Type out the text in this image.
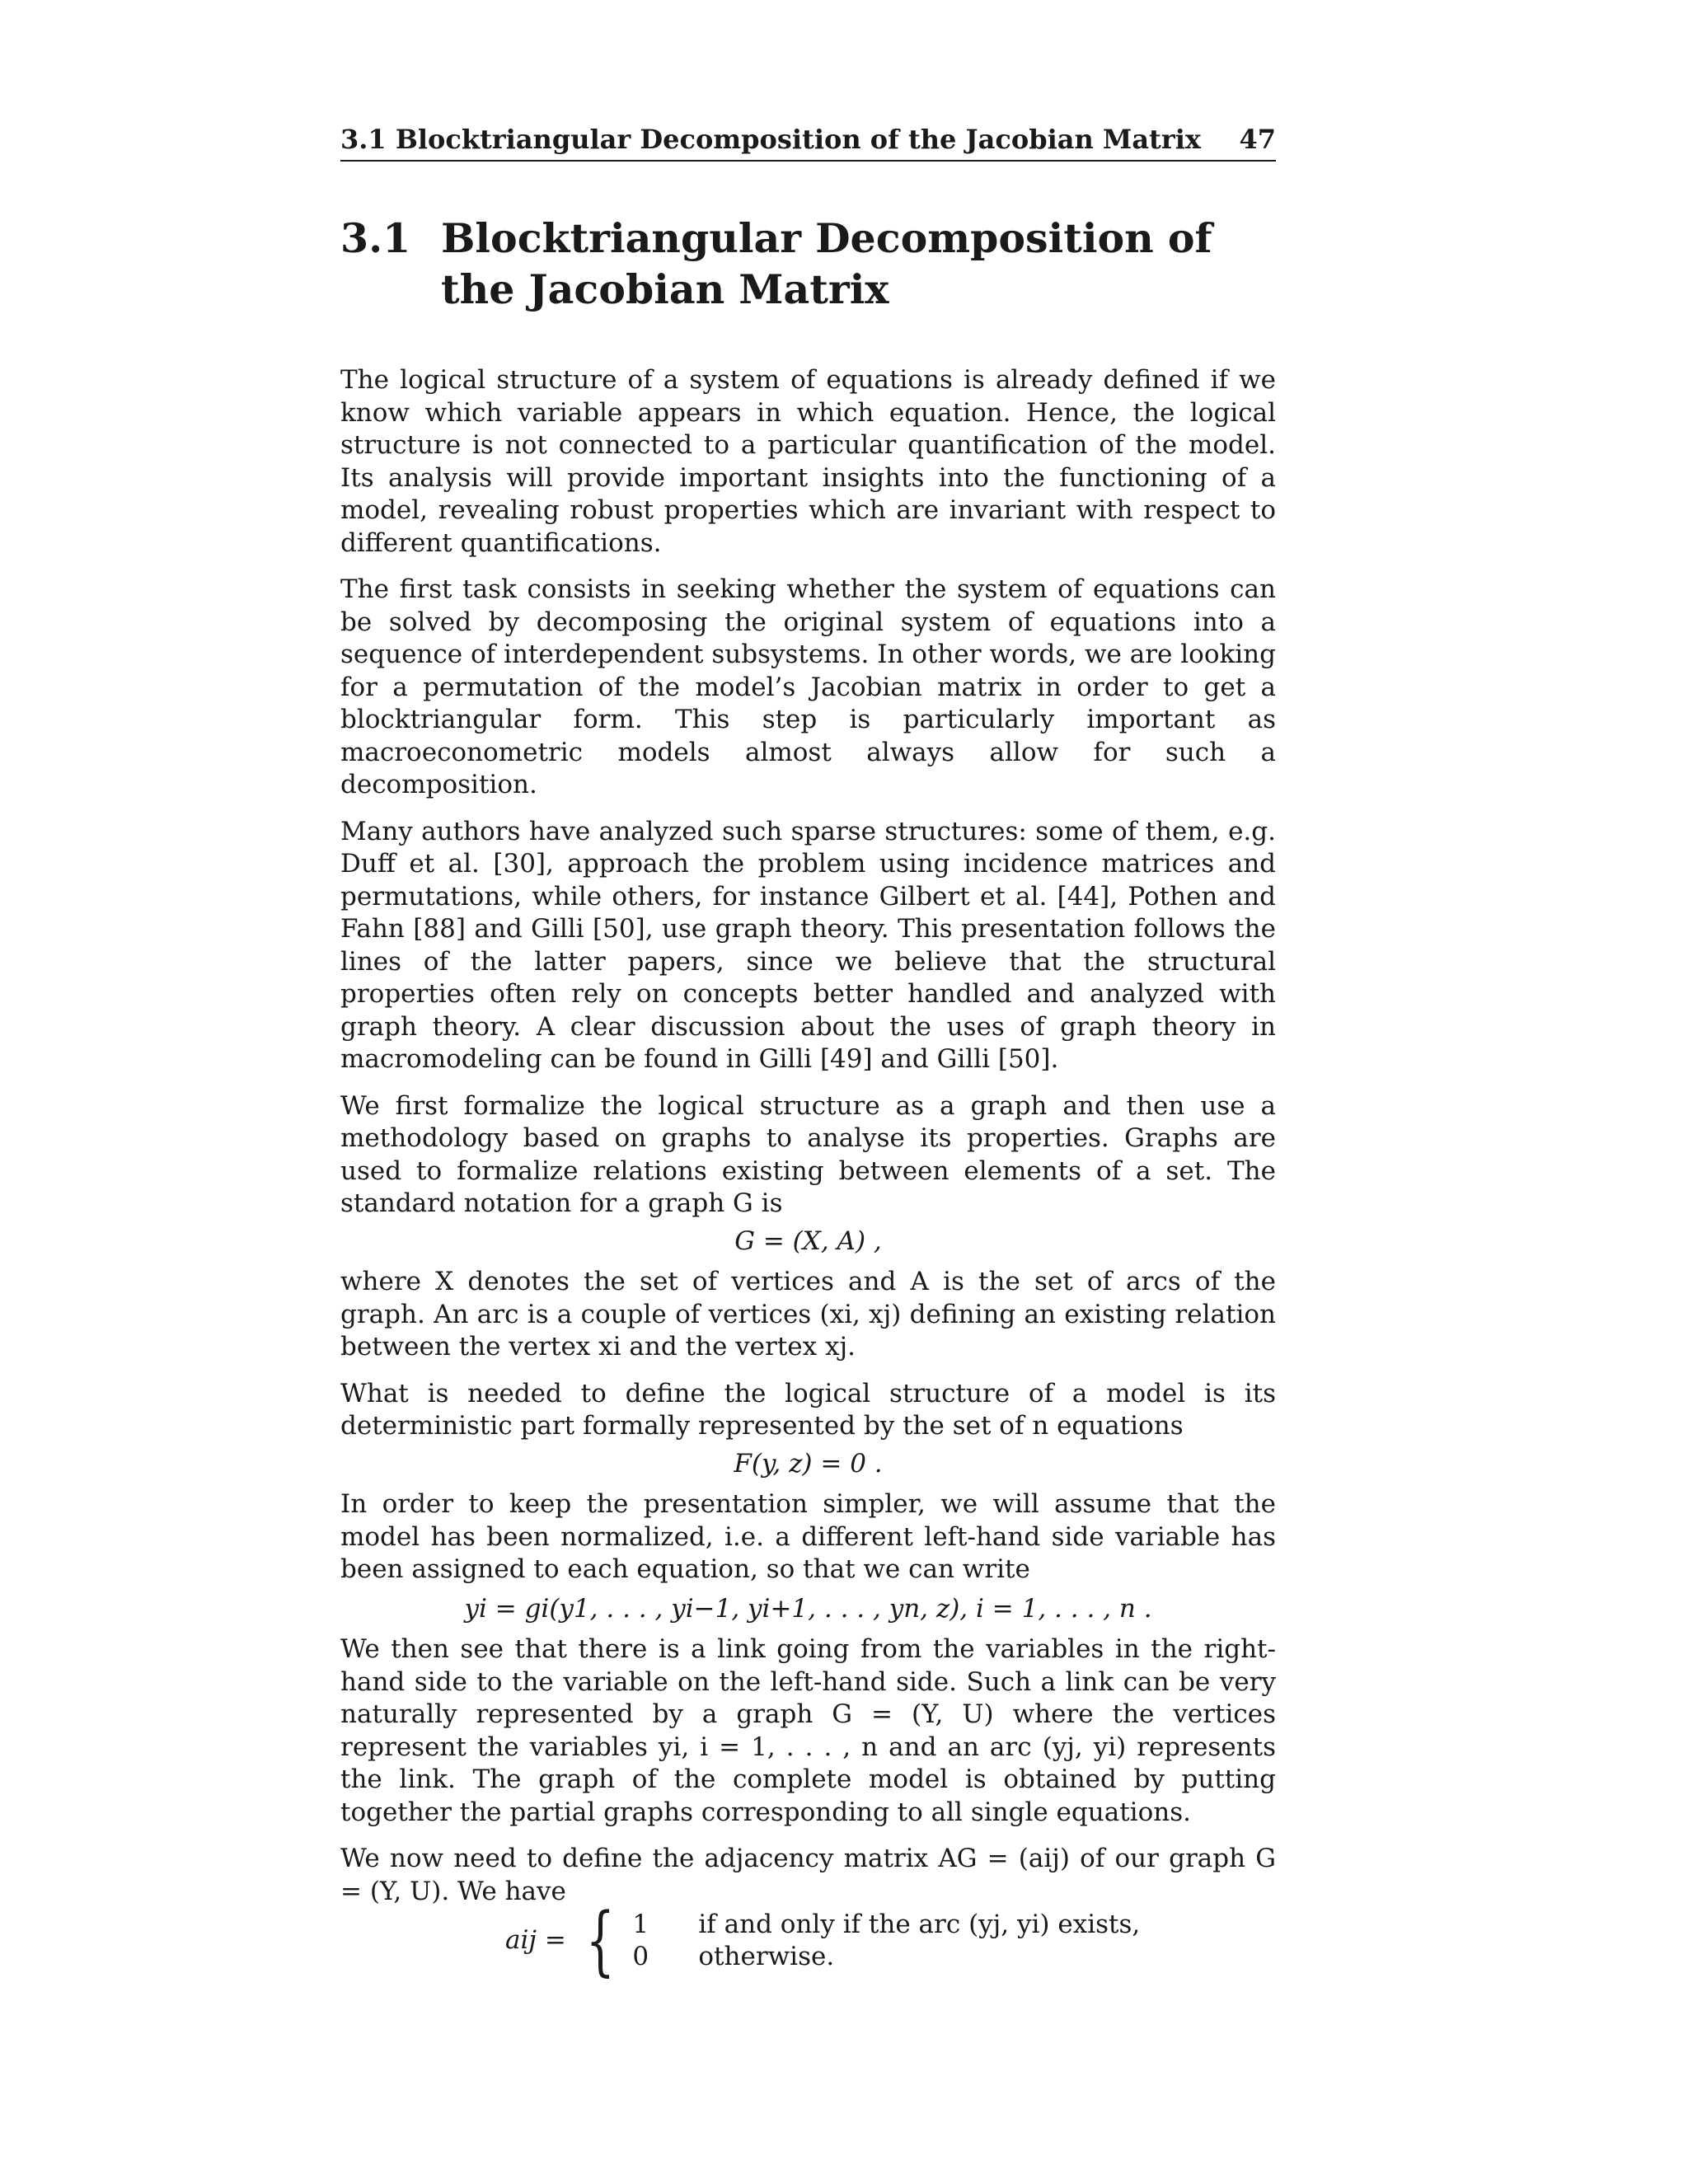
3.1 Blocktriangular Decomposition of the Jacobian Matrix 47
3.1 Blocktriangular Decomposition of the Jacobian Matrix

The logical structure of a system of equations is already defined if we know which variable appears in which equation. Hence, the logical structure is not connected to a particular quantification of the model. Its analysis will provide important insights into the functioning of a model, revealing robust properties which are invariant with respect to different quantifications.

The first task consists in seeking whether the system of equations can be solved by decomposing the original system of equations into a sequence of interdependent subsystems. In other words, we are looking for a permutation of the model’s Jacobian matrix in order to get a blocktriangular form. This step is particularly important as macroeconometric models almost always allow for such a decomposition.

Many authors have analyzed such sparse structures: some of them, e.g. Duff et al. [30], approach the problem using incidence matrices and permutations, while others, for instance Gilbert et al. [44], Pothen and Fahn [88] and Gilli [50], use graph theory. This presentation follows the lines of the latter papers, since we believe that the structural properties often rely on concepts better handled and analyzed with graph theory. A clear discussion about the uses of graph theory in macromodeling can be found in Gilli [49] and Gilli [50].

We first formalize the logical structure as a graph and then use a methodology based on graphs to analyse its properties. Graphs are used to formalize relations existing between elements of a set. The standard notation for a graph G is

G = (X, A) ,

where X denotes the set of vertices and A is the set of arcs of the graph. An arc is a couple of vertices (xi, xj) defining an existing relation between the vertex xi and the vertex xj.

What is needed to define the logical structure of a model is its deterministic part formally represented by the set of n equations

F(y, z) = 0 .

In order to keep the presentation simpler, we will assume that the model has been normalized, i.e. a different left-hand side variable has been assigned to each equation, so that we can write

yi = gi(y1, . . . , yi−1, yi+1, . . . , yn, z), i = 1, . . . , n .

We then see that there is a link going from the variables in the right-hand side to the variable on the left-hand side. Such a link can be very naturally represented by a graph G = (Y, U) where the vertices represent the variables yi, i = 1, . . . , n and an arc (yj, yi) represents the link. The graph of the complete model is obtained by putting together the partial graphs corresponding to all single equations.

We now need to define the adjacency matrix AG = (aij) of our graph G = (Y, U). We have

aij = { 1	if and only if the arc (yj, yi) exists,
0	otherwise.
